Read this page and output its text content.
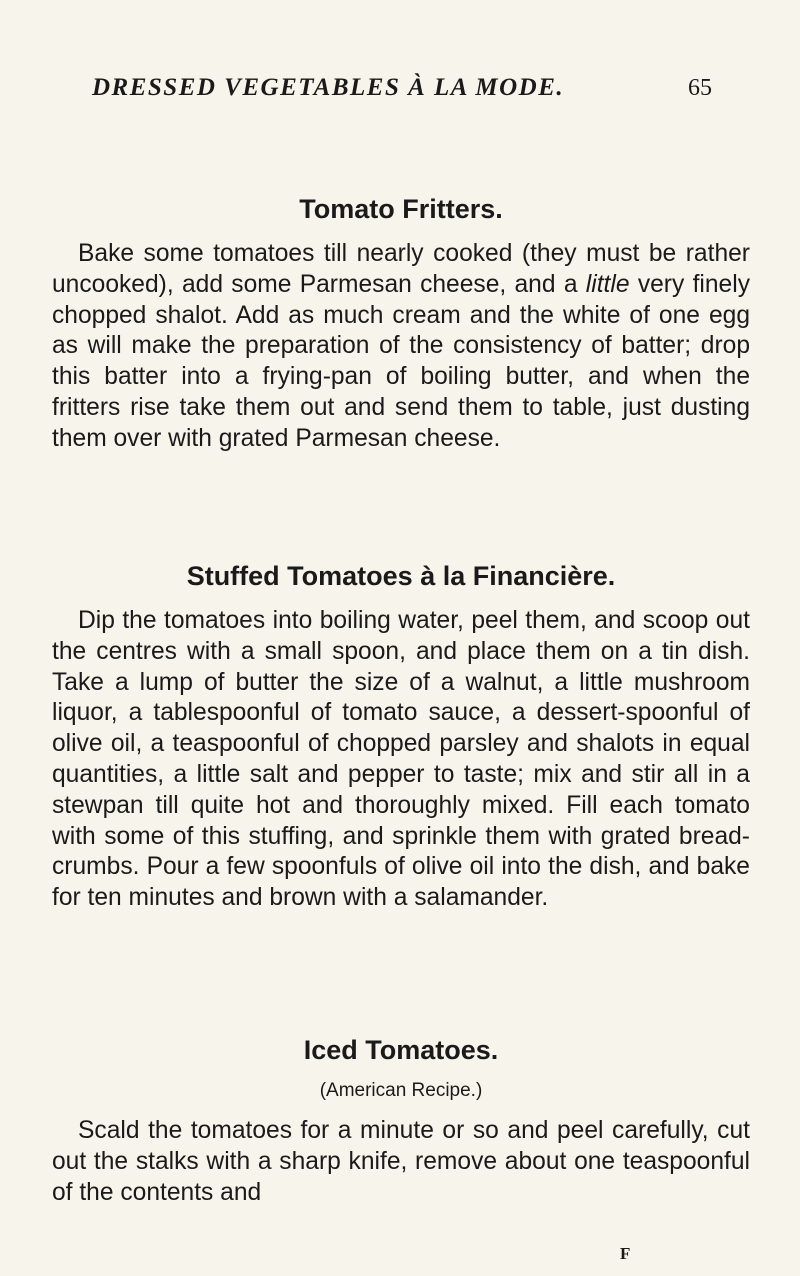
DRESSED VEGETABLES À LA MODE.	65
Tomato Fritters.

Bake some tomatoes till nearly cooked (they must be rather uncooked), add some Parmesan cheese, and a little very finely chopped shalot. Add as much cream and the white of one egg as will make the preparation of the consistency of batter; drop this batter into a frying-pan of boiling butter, and when the fritters rise take them out and send them to table, just dusting them over with grated Parmesan cheese.

Stuffed Tomatoes à la Financière.

Dip the tomatoes into boiling water, peel them, and scoop out the centres with a small spoon, and place them on a tin dish. Take a lump of butter the size of a walnut, a little mushroom liquor, a tablespoonful of tomato sauce, a dessert-spoonful of olive oil, a teaspoonful of chopped parsley and shalots in equal quantities, a little salt and pepper to taste; mix and stir all in a stewpan till quite hot and thoroughly mixed. Fill each tomato with some of this stuffing, and sprinkle them with grated bread-crumbs. Pour a few spoonfuls of olive oil into the dish, and bake for ten minutes and brown with a salamander.

Iced Tomatoes.

(American Recipe.)

Scald the tomatoes for a minute or so and peel carefully, cut out the stalks with a sharp knife, remove about one teaspoonful of the contents and

F
